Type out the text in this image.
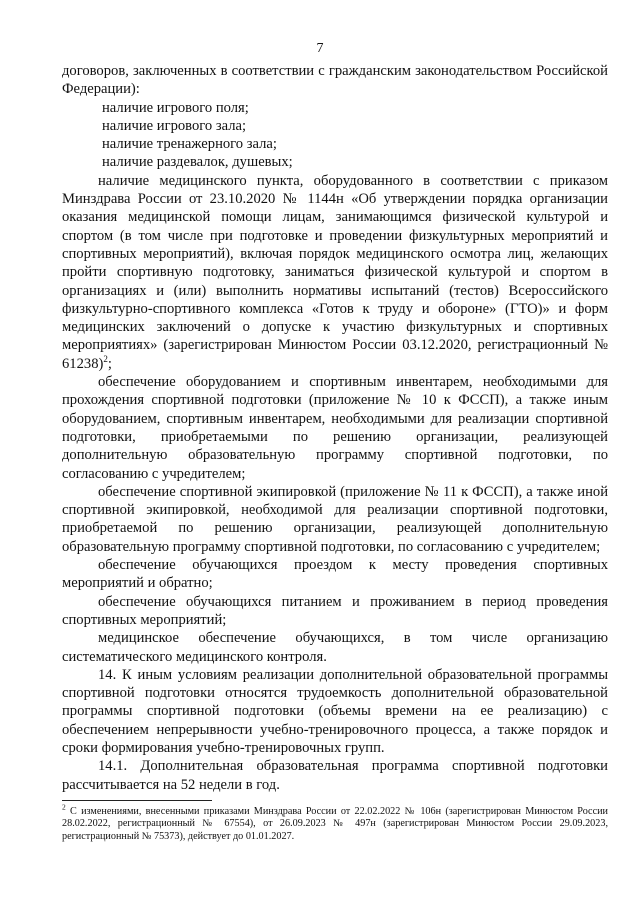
7

договоров, заключенных в соответствии с гражданским законодательством Российской Федерации):

наличие игрового поля;

наличие игрового зала;

наличие тренажерного зала;

наличие раздевалок, душевых;

наличие медицинского пункта, оборудованного в соответствии с приказом Минздрава России от 23.10.2020 № 1144н «Об утверждении порядка организации оказания медицинской помощи лицам, занимающимся физической культурой и спортом (в том числе при подготовке и проведении физкультурных мероприятий и спортивных мероприятий), включая порядок медицинского осмотра лиц, желающих пройти спортивную подготовку, заниматься физической культурой и спортом в организациях и (или) выполнить нормативы испытаний (тестов) Всероссийского физкультурно-спортивного комплекса «Готов к труду и обороне» (ГТО)» и форм медицинских заключений о допуске к участию физкультурных и спортивных мероприятиях» (зарегистрирован Минюстом России 03.12.2020, регистрационный № 61238)$^2$;

обеспечение оборудованием и спортивным инвентарем, необходимыми для прохождения спортивной подготовки (приложение № 10 к ФССП), а также иным оборудованием, спортивным инвентарем, необходимыми для реализации спортивной подготовки, приобретаемыми по решению организации, реализующей дополнительную образовательную программу спортивной подготовки, по согласованию с учредителем;

обеспечение спортивной экипировкой (приложение № 11 к ФССП), а также иной спортивной экипировкой, необходимой для реализации спортивной подготовки, приобретаемой по решению организации, реализующей дополнительную образовательную программу спортивной подготовки, по согласованию с учредителем;

обеспечение обучающихся проездом к месту проведения спортивных мероприятий и обратно;

обеспечение обучающихся питанием и проживанием в период проведения спортивных мероприятий;

медицинское обеспечение обучающихся, в том числе организацию систематического медицинского контроля.

14. К иным условиям реализации дополнительной образовательной программы спортивной подготовки относятся трудоемкость дополнительной образовательной программы спортивной подготовки (объемы времени на ее реализацию) с обеспечением непрерывности учебно-тренировочного процесса, а также порядок и сроки формирования учебно-тренировочных групп.

14.1. Дополнительная образовательная программа спортивной подготовки рассчитывается на 52 недели в год.

$^2$ С изменениями, внесенными приказами Минздрава России от 22.02.2022 № 106н (зарегистрирован Минюстом России 28.02.2022, регистрационный № 67554), от 26.09.2023 № 497н (зарегистрирован Минюстом России 29.09.2023, регистрационный № 75373), действует до 01.01.2027.
